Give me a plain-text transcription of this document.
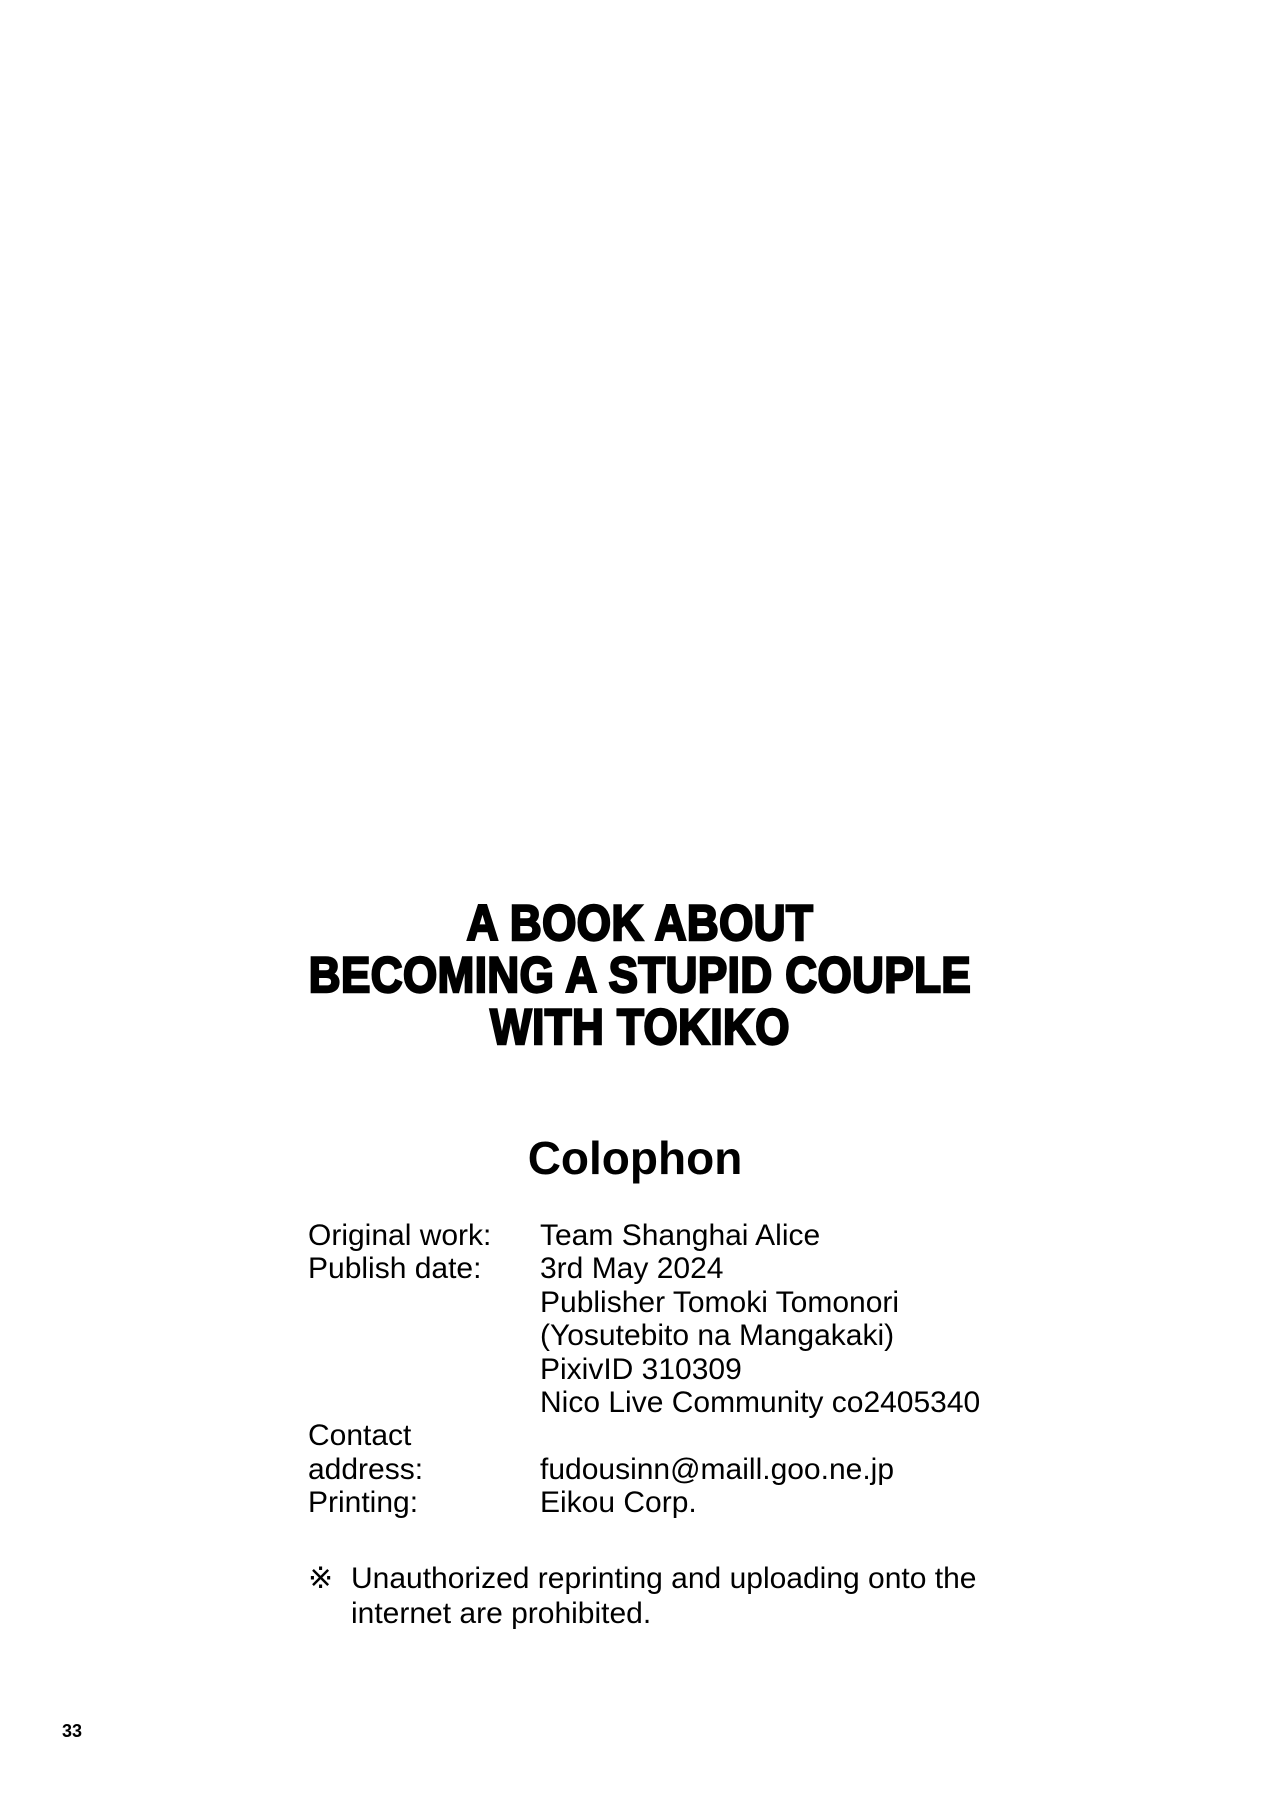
A BOOK ABOUT
BECOMING A STUPID COUPLE
WITH TOKIKO
Colophon
Original work:	Team Shanghai Alice
Publish date:	3rd May 2024
Publisher Tomoki Tomonori
(Yosutebito na Mangakaki)
PixivID 310309
Nico Live Community co2405340
Contact
address:	fudousinn@maill.goo.ne.jp
Printing:	Eikou Corp.
※ Unauthorized reprinting and uploading onto the
internet are prohibited.
33
